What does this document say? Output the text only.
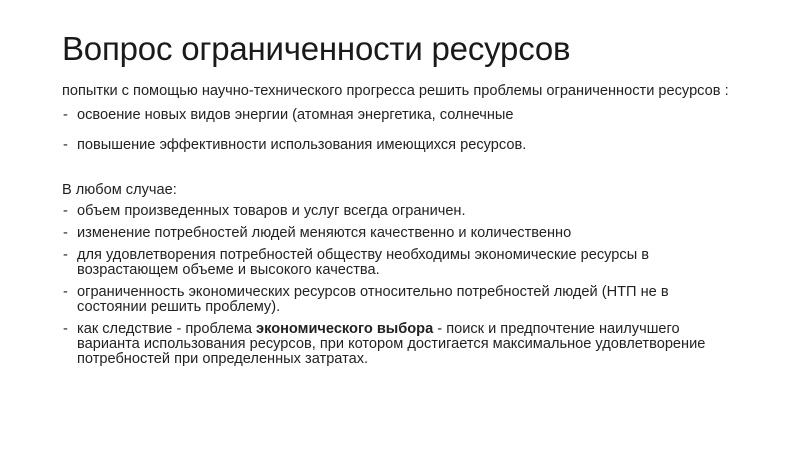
Вопрос ограниченности ресурсов

попытки с помощью научно-технического прогресса решить проблемы ограниченности ресурсов :

- освоение новых видов энергии (атомная энергетика, солнечные
- повышение эффективности использования имеющихся ресурсов.

В любом случае:

- объем произведенных товаров и услуг всегда ограничен.
- изменение потребностей людей меняются качественно и количественно
- для удовлетворения потребностей обществу необходимы экономические ресурсы в возрастающем объеме и высокого качества.
- ограниченность экономических ресурсов относительно потребностей людей (НТП не в состоянии решить проблему).
- как следствие - проблема экономического выбора - поиск и предпочтение наилучшего варианта использования ресурсов, при котором достигается максимальное удовлетворение потребностей при определенных затратах.
